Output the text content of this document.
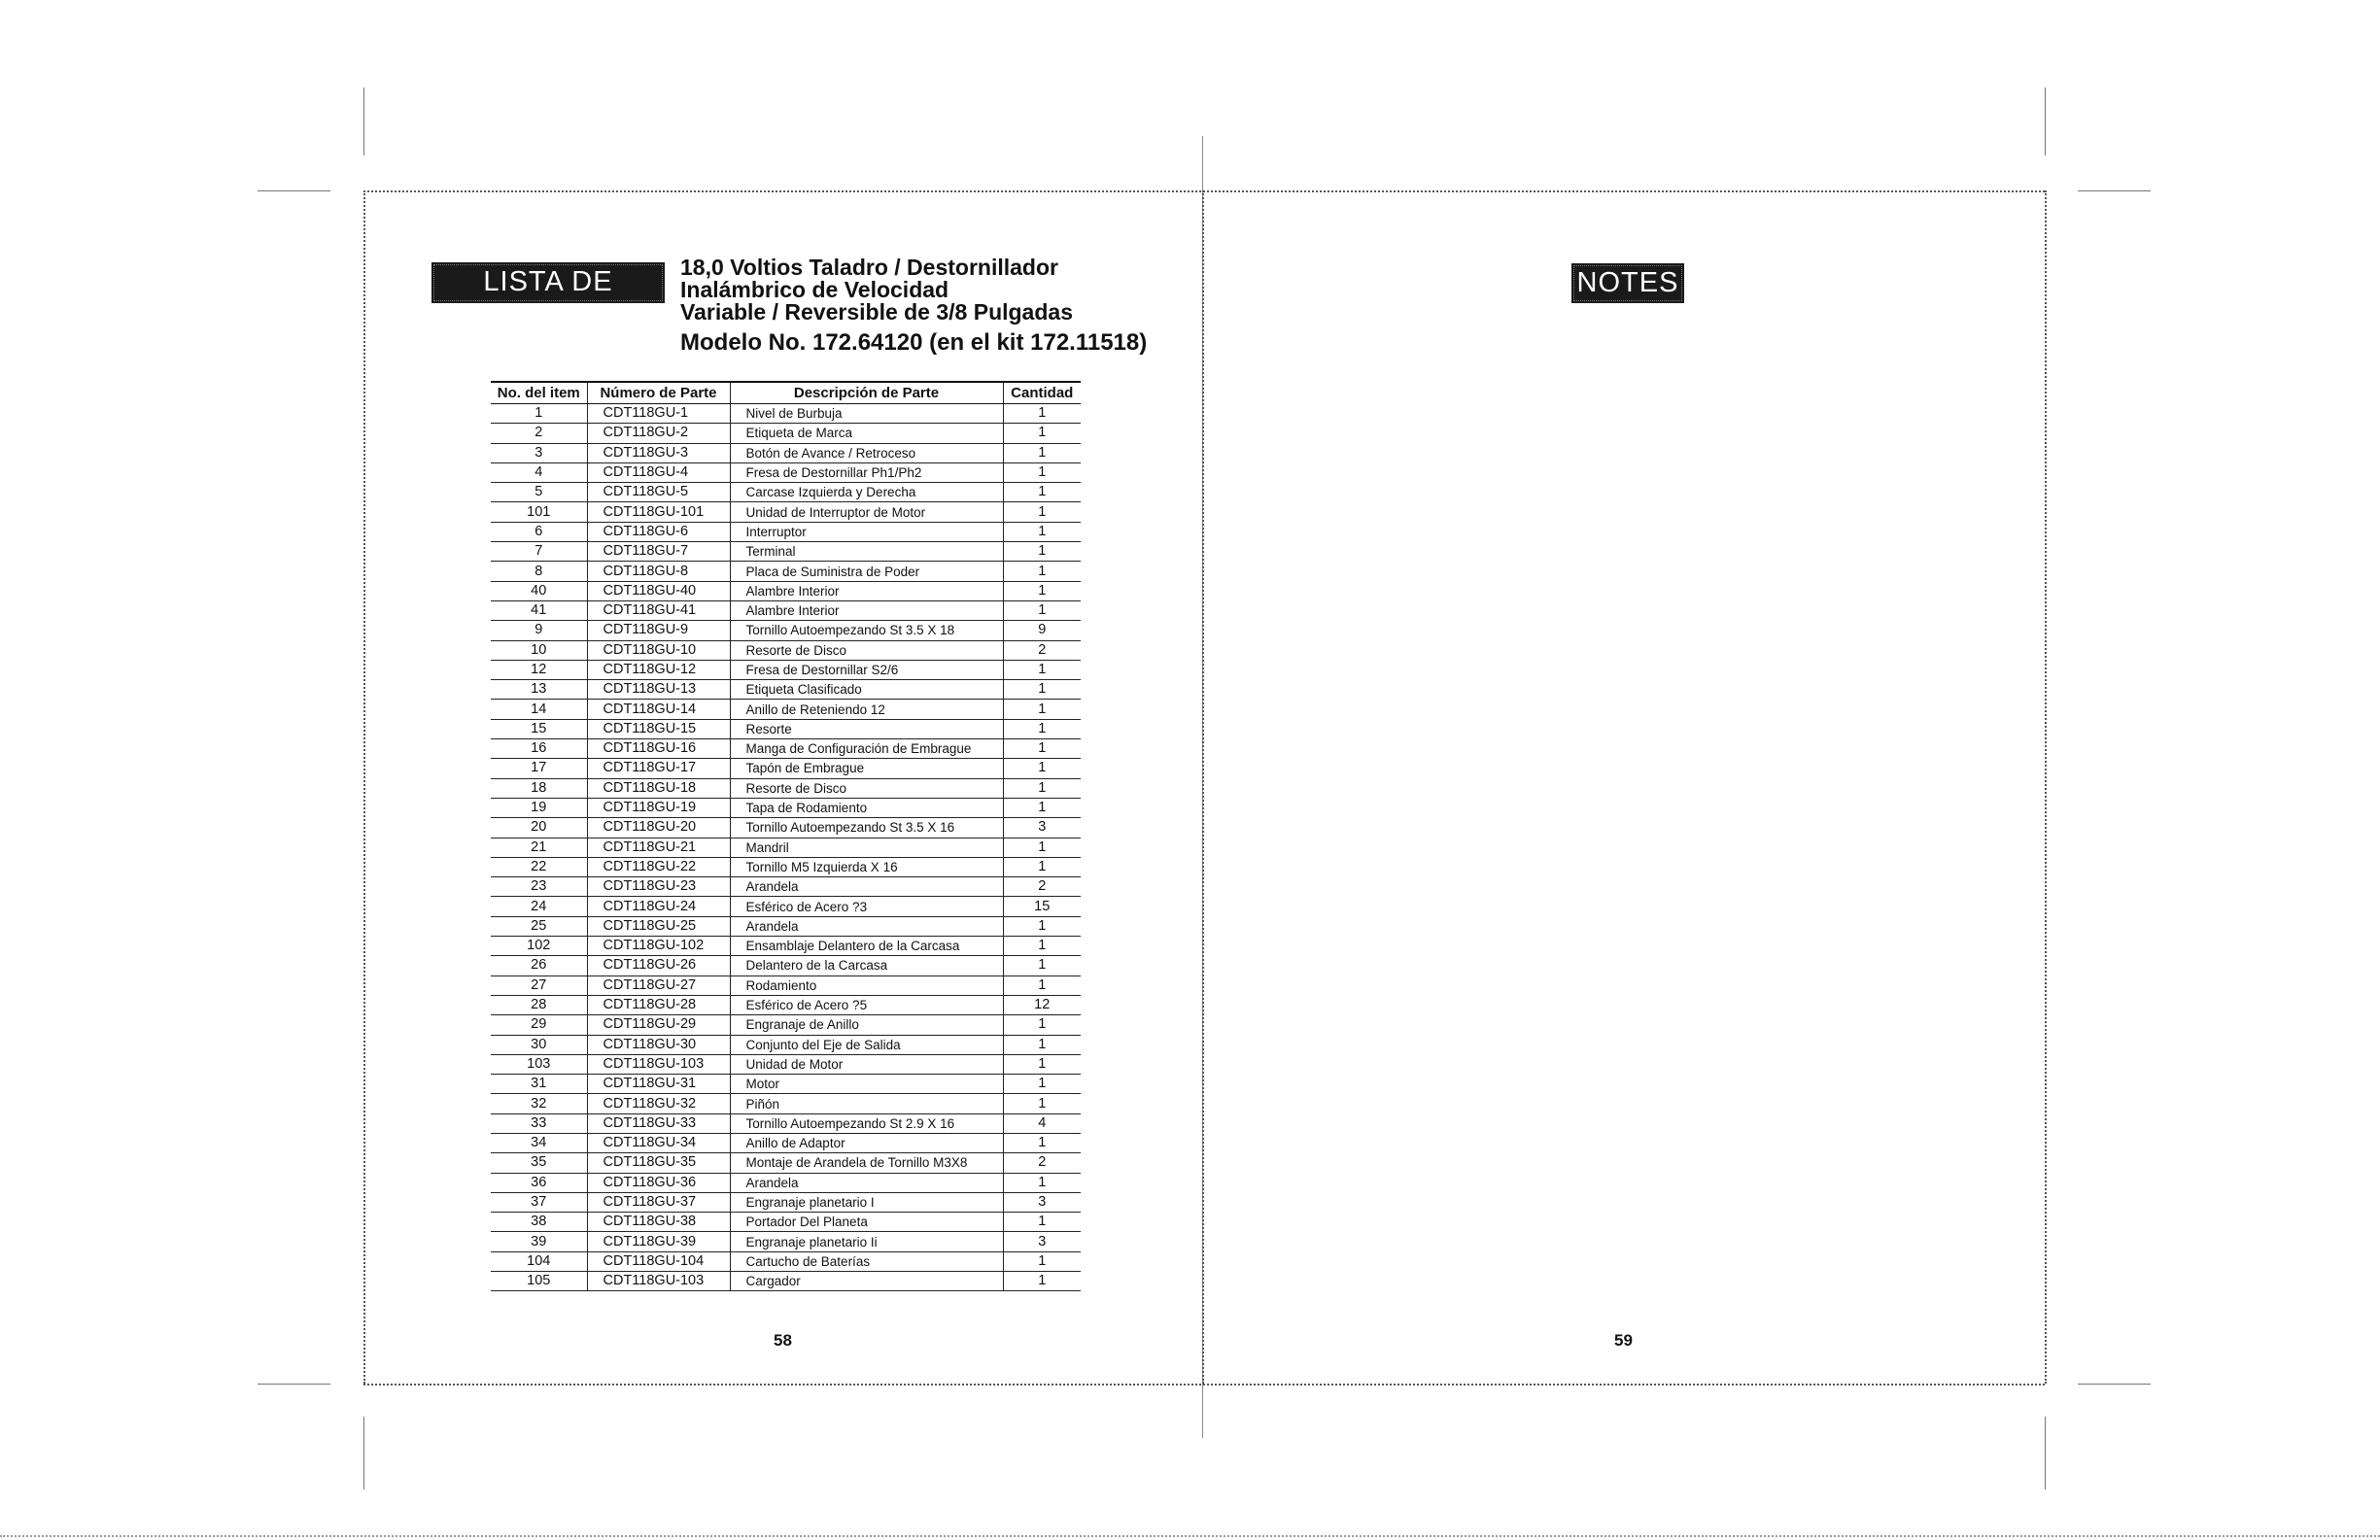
LISTA DE PARTES
18,0 Voltios Taladro / Destornillador
Inalámbrico de Velocidad
Variable / Reversible de 3/8 Pulgadas
Modelo No. 172.64120 (en el kit 172.11518)
No. del item	Número de Parte	Descripción de Parte	Cantidad
1	CDT118GU-1	Nivel de Burbuja	1
2	CDT118GU-2	Etiqueta de Marca	1
3	CDT118GU-3	Botón de Avance / Retroceso	1
4	CDT118GU-4	Fresa de Destornillar Ph1/Ph2	1
5	CDT118GU-5	Carcase Izquierda y Derecha	1
101	CDT118GU-101	Unidad de Interruptor de Motor	1
6	CDT118GU-6	Interruptor	1
7	CDT118GU-7	Terminal	1
8	CDT118GU-8	Placa de Suministra de Poder	1
40	CDT118GU-40	Alambre Interior	1
41	CDT118GU-41	Alambre Interior	1
9	CDT118GU-9	Tornillo Autoempezando St 3.5 X 18	9
10	CDT118GU-10	Resorte de Disco	2
12	CDT118GU-12	Fresa de Destornillar S2/6	1
13	CDT118GU-13	Etiqueta Clasificado	1
14	CDT118GU-14	Anillo de Reteniendo 12	1
15	CDT118GU-15	Resorte	1
16	CDT118GU-16	Manga de Configuración de Embrague	1
17	CDT118GU-17	Tapón de Embrague	1
18	CDT118GU-18	Resorte de Disco	1
19	CDT118GU-19	Tapa de Rodamiento	1
20	CDT118GU-20	Tornillo Autoempezando St 3.5 X 16	3
21	CDT118GU-21	Mandril	1
22	CDT118GU-22	Tornillo M5 Izquierda X 16	1
23	CDT118GU-23	Arandela	2
24	CDT118GU-24	Esférico de Acero ?3	15
25	CDT118GU-25	Arandela	1
102	CDT118GU-102	Ensamblaje Delantero de la Carcasa	1
26	CDT118GU-26	Delantero de la Carcasa	1
27	CDT118GU-27	Rodamiento	1
28	CDT118GU-28	Esférico de Acero ?5	12
29	CDT118GU-29	Engranaje de Anillo	1
30	CDT118GU-30	Conjunto del Eje de Salida	1
103	CDT118GU-103	Unidad de Motor	1
31	CDT118GU-31	Motor	1
32	CDT118GU-32	Piñón	1
33	CDT118GU-33	Tornillo Autoempezando St 2.9 X 16	4
34	CDT118GU-34	Anillo de Adaptor	1
35	CDT118GU-35	Montaje de Arandela de Tornillo M3X8	2
36	CDT118GU-36	Arandela	1
37	CDT118GU-37	Engranaje planetario I	3
38	CDT118GU-38	Portador Del Planeta	1
39	CDT118GU-39	Engranaje planetario Ii	3
104	CDT118GU-104	Cartucho de Baterías	1
105	CDT118GU-103	Cargador	1
58
NOTES
59
